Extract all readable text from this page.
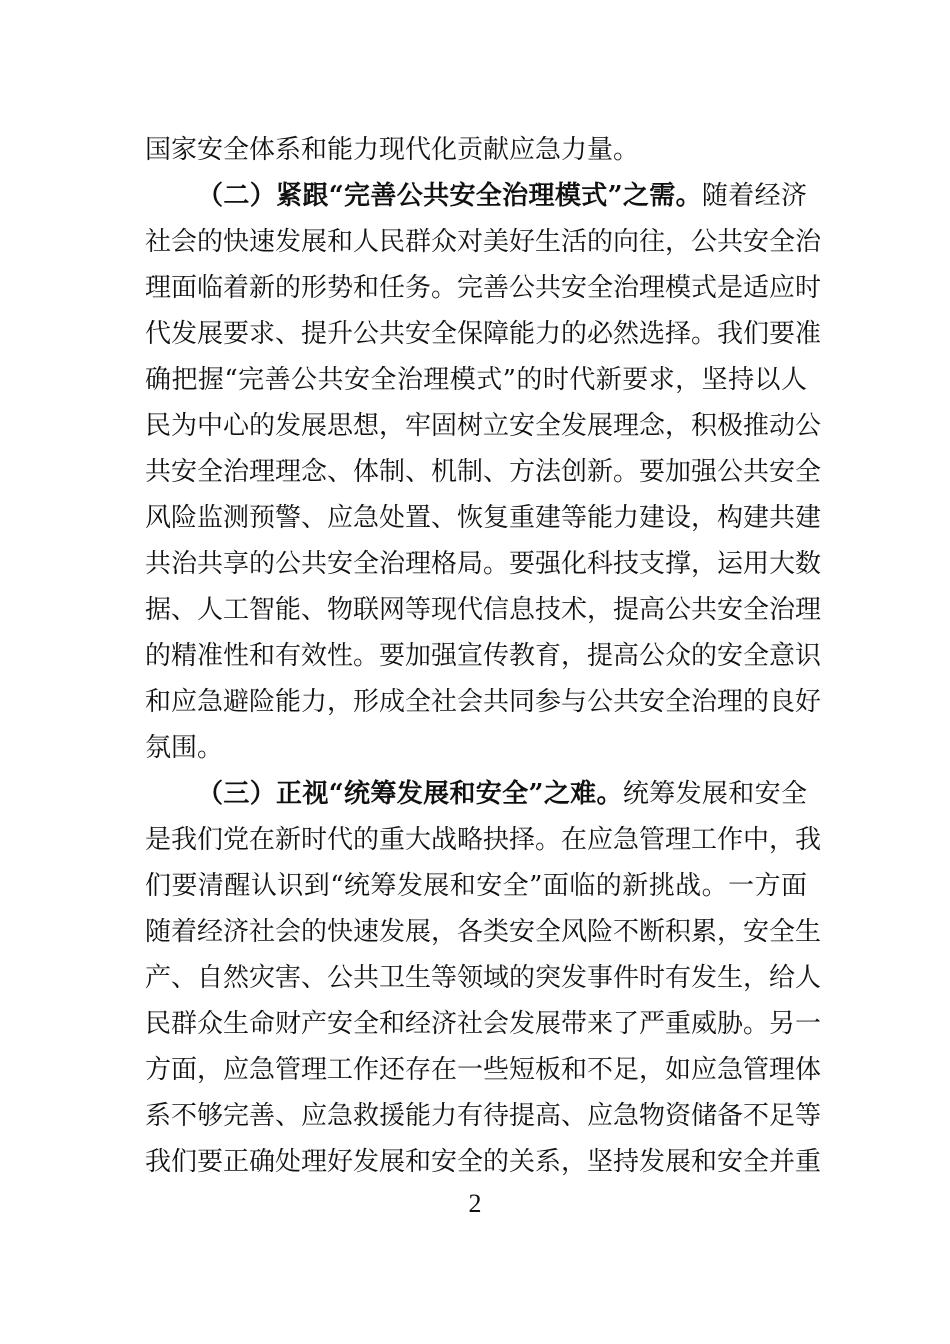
国家安全体系和能力现代化贡献应急力量。
（二）紧跟“完善公共安全治理模式”之需。随着经济
社会的快速发展和人民群众对美好生活的向往，公共安全治
理面临着新的形势和任务。完善公共安全治理模式是适应时
代发展要求、提升公共安全保障能力的必然选择。我们要准
确把握“完善公共安全治理模式”的时代新要求，坚持以人
民为中心的发展思想，牢固树立安全发展理念，积极推动公
共安全治理理念、体制、机制、方法创新。要加强公共安全
风险监测预警、应急处置、恢复重建等能力建设，构建共建
共治共享的公共安全治理格局。要强化科技支撑，运用大数
据、人工智能、物联网等现代信息技术，提高公共安全治理
的精准性和有效性。要加强宣传教育，提高公众的安全意识
和应急避险能力，形成全社会共同参与公共安全治理的良好
氛围。
（三）正视“统筹发展和安全”之难。统筹发展和安全
是我们党在新时代的重大战略抉择。在应急管理工作中，我
们要清醒认识到“统筹发展和安全”面临的新挑战。一方面
随着经济社会的快速发展，各类安全风险不断积累，安全生
产、自然灾害、公共卫生等领域的突发事件时有发生，给人
民群众生命财产安全和经济社会发展带来了严重威胁。另一
方面，应急管理工作还存在一些短板和不足，如应急管理体
系不够完善、应急救援能力有待提高、应急物资储备不足等
我们要正确处理好发展和安全的关系，坚持发展和安全并重
2
